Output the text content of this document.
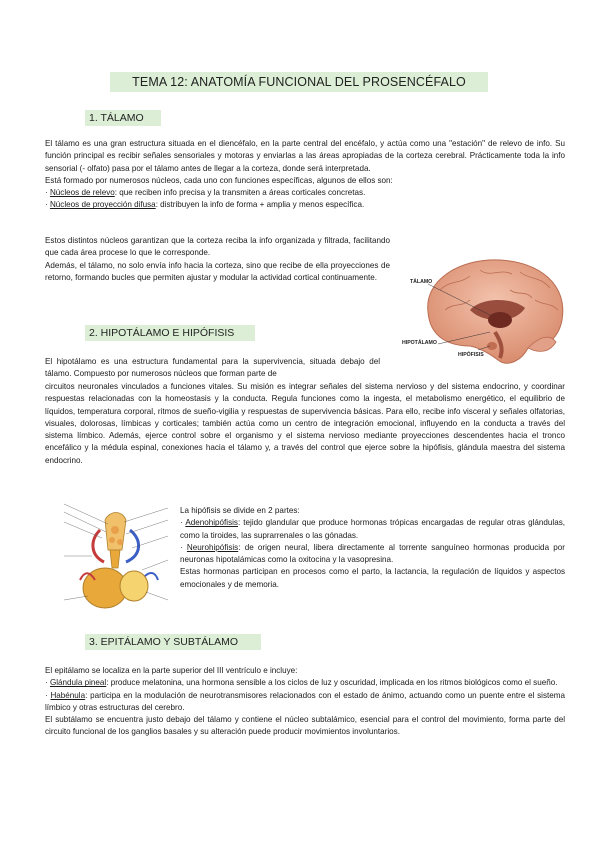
TEMA 12: ANATOMÍA FUNCIONAL DEL PROSENCÉFALO
1. TÁLAMO

El tálamo es una gran estructura situada en el diencéfalo, en la parte central del encéfalo, y actúa como una "estación" de relevo de info. Su función principal es recibir señales sensoriales y motoras y enviarlas a las áreas apropiadas de la corteza cerebral. Prácticamente toda la info sensorial (- olfato) pasa por el tálamo antes de llegar a la corteza, donde será interpretada.

Está formado por numerosos núcleos, cada uno con funciones específicas, algunos de ellos son:

· Núcleos de relevo: que reciben info precisa y la transmiten a áreas corticales concretas.

· Núcleos de proyección difusa: distribuyen la info de forma + amplia y menos específica.

Estos distintos núcleos garantizan que la corteza reciba la info organizada y filtrada, facilitando que cada área procese lo que le corresponde.

Además, el tálamo, no solo envía info hacia la corteza, sino que recibe de ella proyecciones de retorno, formando bucles que permiten ajustar y modular la actividad cortical continuamente.

TÁLAMO
HIPOTÁLAMO
HIPÓFISIS
2. HIPOTÁLAMO E HIPÓFISIS

El hipotálamo es una estructura fundamental para la supervivencia, situada debajo del tálamo. Compuesto por numerosos núcleos que forman parte de

circuitos neuronales vinculados a funciones vitales. Su misión es integrar señales del sistema nervioso y del sistema endocrino, y coordinar respuestas relacionadas con la homeostasis y la conducta. Regula funciones como la ingesta, el metabolismo energético, el equilibrio de líquidos, temperatura corporal, ritmos de sueño-vigilia y respuestas de supervivencia básicas. Para ello, recibe info visceral y señales olfatorias, visuales, dolorosas, límbicas y corticales; también actúa como un centro de integración emocional, influyendo en la conducta a través del sistema límbico. Además, ejerce control sobre el organismo y el sistema nervioso mediante proyecciones descendentes hacia el tronco encefálico y la médula espinal, conexiones hacia el tálamo y, a través del control que ejerce sobre la hipófisis, glándula maestra del sistema endocrino.

La hipófisis se divide en 2 partes:

· Adenohipófisis: tejido glandular que produce hormonas trópicas encargadas de regular otras glándulas, como la tiroides, las suprarrenales o las gónadas.

· Neurohipófisis: de origen neural, libera directamente al torrente sanguíneo hormonas producida por neuronas hipotalámicas como la oxitocina y la vasopresina.

Estas hormonas participan en procesos como el parto, la lactancia, la regulación de líquidos y aspectos emocionales y de memoria.

3. EPITÁLAMO Y SUBTÁLAMO

El epitálamo se localiza en la parte superior del III ventrículo e incluye:

· Glándula pineal: produce melatonina, una hormona sensible a los ciclos de luz y oscuridad, implicada en los ritmos biológicos como el sueño.

· Habénula: participa en la modulación de neurotransmisores relacionados con el estado de ánimo, actuando como un puente entre el sistema límbico y otras estructuras del cerebro.

El subtálamo se encuentra justo debajo del tálamo y contiene el núcleo subtalámico, esencial para el control del movimiento, forma parte del circuito funcional de los ganglios basales y su alteración puede producir movimientos involuntarios.
